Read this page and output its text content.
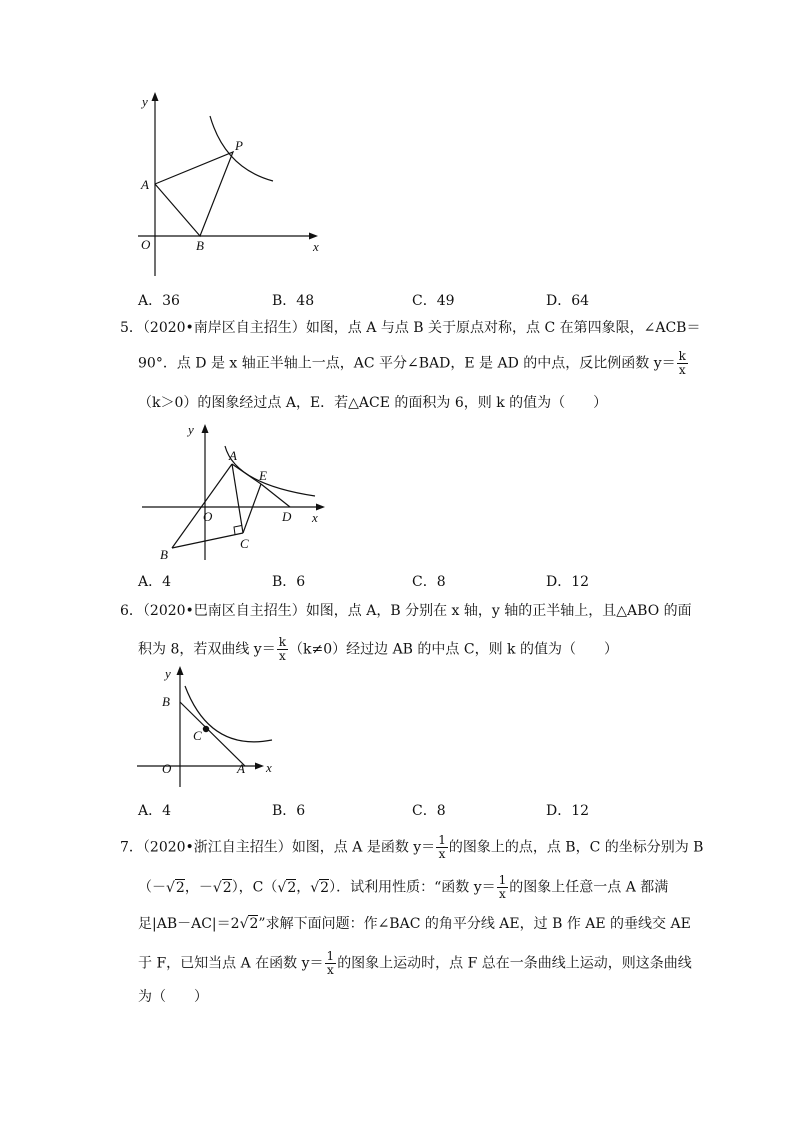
y
x
O
A
B
P
A．36	B．48	C．49	D．64
5．（2020•南岸区自主招生）如图，点 A 与点 B 关于原点对称，点 C 在第四象限，∠ACB＝
90°．点 D 是 x 轴正半轴上一点，AC 平分∠BAD，E 是 AD 的中点，反比例函数 $y= \frac{k}{x}$
（k＞0）的图象经过点 A，E．若△ACE 的面积为 6，则 k 的值为（　　）
y
x
O
A
B
C
D
E
A．4	B．6	C．8	D．12
6．（2020•巴南区自主招生）如图，点 A，B 分别在 x 轴，y 轴的正半轴上，且△ABO 的面
积为 8，若双曲线 $y= \frac{k}{x} (k\ne 0)$经过边 AB 的中点 C，则 k 的值为（　　）
y
x
O	A
B
C
A．4	B．6	C．8	D．12
7．（2020•浙江自主招生）如图，点 A 是函数 $y= \frac{1}{x}$ 的图象上的点，点 B，C 的坐标分别为 B
（－√2，－√2），C（√2，√2）．试利用性质：“函数 $y= \frac{1}{x}$ 的图象上任意一点 A 都满
足|AB－AC|＝2√2”求解下面问题：作∠BAC 的角平分线 AE，过 B 作 AE 的垂线交 AE
于 F，已知当点 A 在函数 $y= \frac{1}{x}$ 的图象上运动时，点 F 总在一条曲线上运动，则这条曲线
为（　　）
